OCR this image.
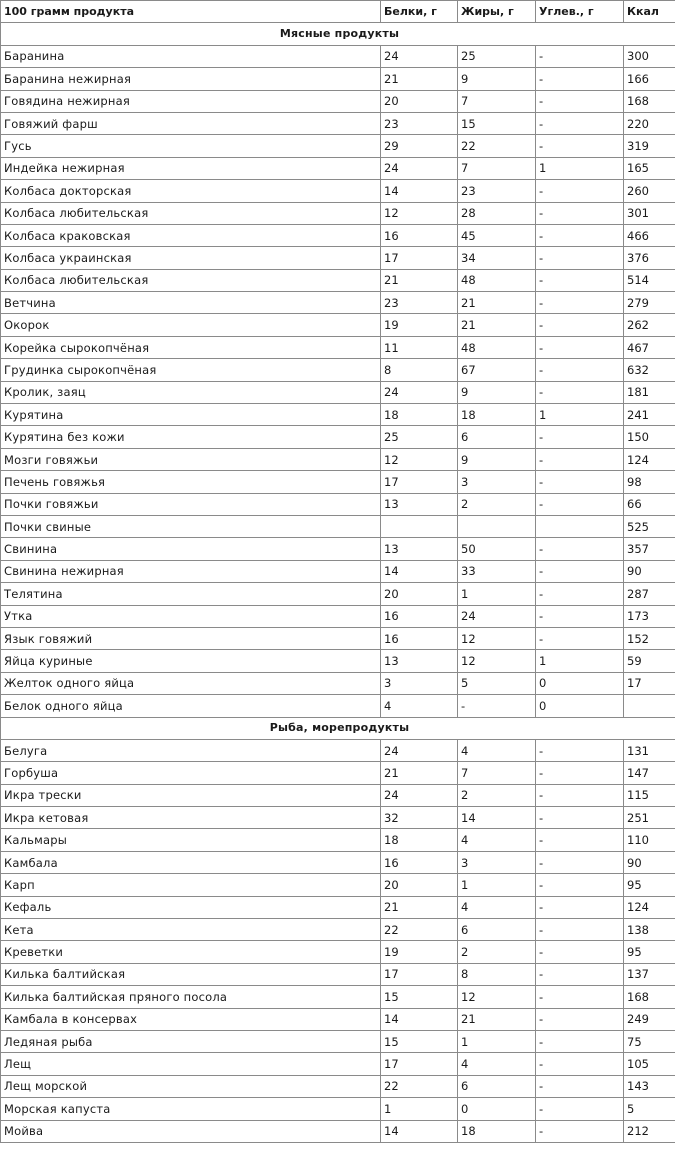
100 грамм продукта	Белки, г	Жиры, г	Углев., г	Ккал
Мясные продукты				
Баранина	24	25	-	300
Баранина нежирная	21	9	-	166
Говядина нежирная	20	7	-	168
Говяжий фарш	23	15	-	220
Гусь	29	22	-	319
Индейка нежирная	24	7	1	165
Колбаса докторская	14	23	-	260
Колбаса любительская	12	28	-	301
Колбаса краковская	16	45	-	466
Колбаса украинская	17	34	-	376
Колбаса любительская	21	48	-	514
Ветчина	23	21	-	279
Окорок	19	21	-	262
Корейка сырокопчёная	11	48	-	467
Грудинка сырокопчёная	8	67	-	632
Кролик, заяц	24	9	-	181
Курятина	18	18	1	241
Курятина без кожи	25	6	-	150
Мозги говяжьи	12	9	-	124
Печень говяжья	17	3	-	98
Почки говяжьи	13	2	-	66
Почки свиные				525
Свинина	13	50	-	357
Свинина нежирная	14	33	-	90
Телятина	20	1	-	287
Утка	16	24	-	173
Язык говяжий	16	12	-	152
Яйца куриные	13	12	1	59
Желток одного яйца	3	5	0	17
Белок одного яйца	4	-	0	
Рыба, морепродукты				
Белуга	24	4	-	131
Горбуша	21	7	-	147
Икра трески	24	2	-	115
Икра кетовая	32	14	-	251
Кальмары	18	4	-	110
Камбала	16	3	-	90
Карп	20	1	-	95
Кефаль	21	4	-	124
Кета	22	6	-	138
Креветки	19	2	-	95
Килька балтийская	17	8	-	137
Килька балтийская пряного посола	15	12	-	168
Камбала в консервах	14	21	-	249
Ледяная рыба	15	1	-	75
Лещ	17	4	-	105
Лещ морской	22	6	-	143
Морская капуста	1	0	-	5
Мойва	14	18	-	212
